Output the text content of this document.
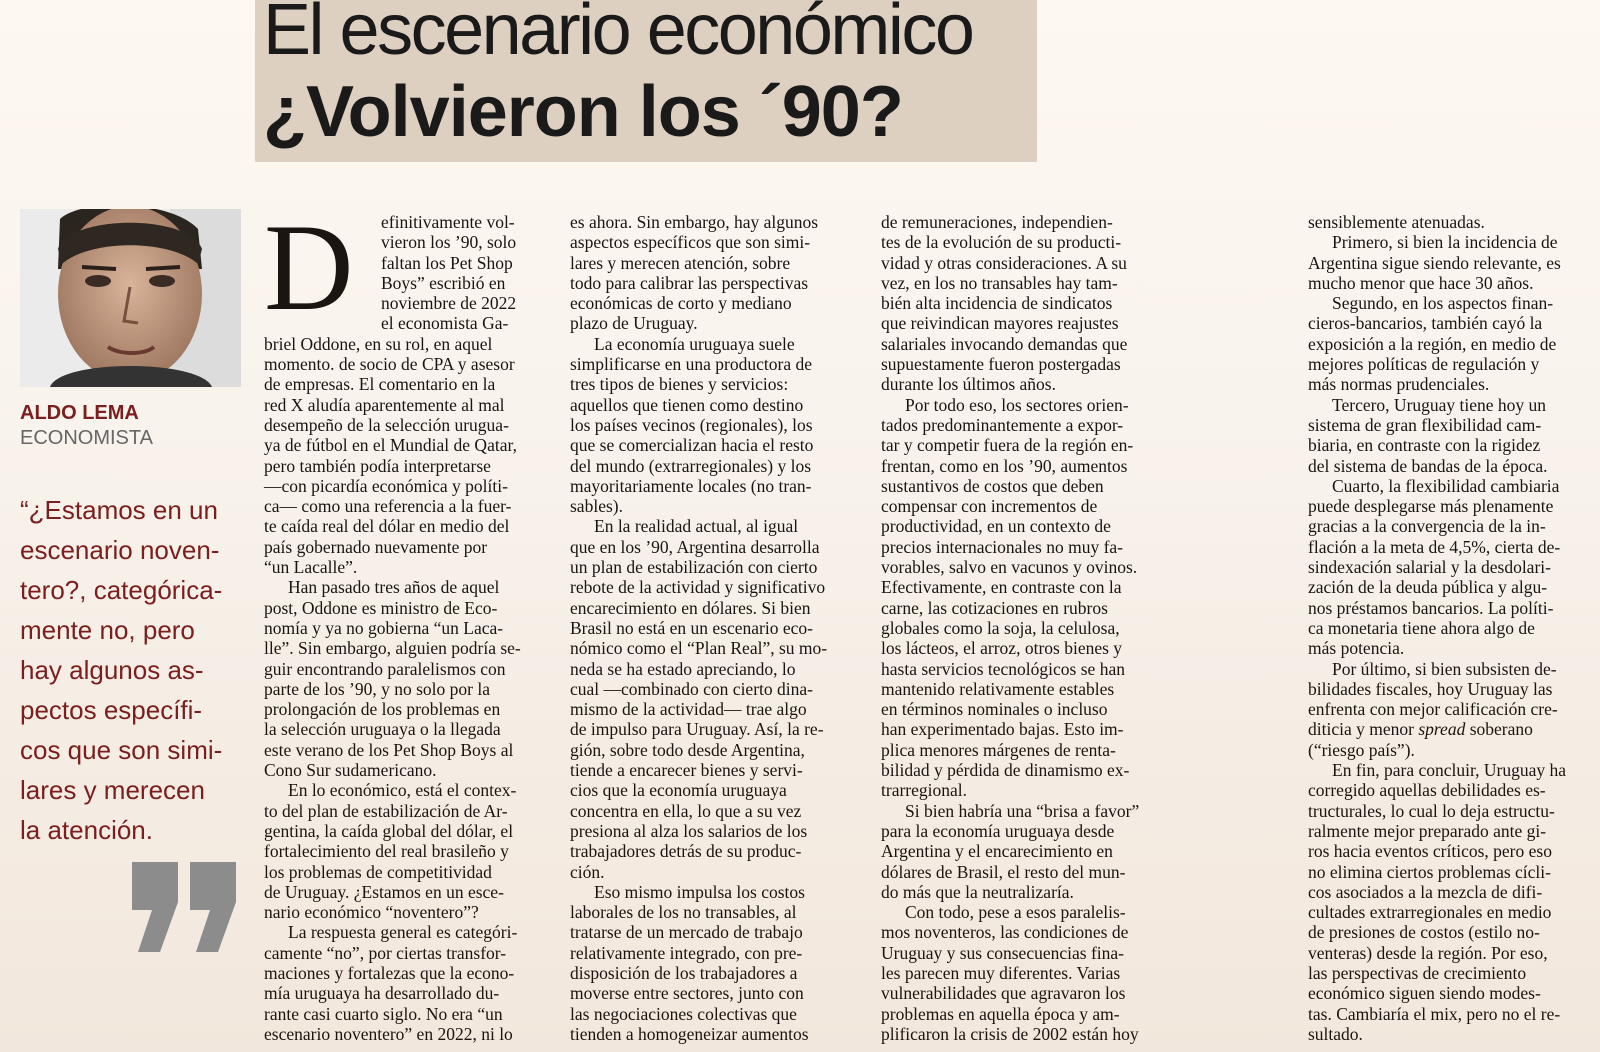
El escenario económico
¿Volvieron los ´90?
ALDO LEMA
ECONOMISTA
“¿Estamos en un
escenario noven-
tero?, categórica-
mente no, pero
hay algunos as-
pectos específi-
cos que son simi-
lares y merecen
la atención.
D efinitivamente vol-
vieron los ’90, solo
faltan los Pet Shop
Boys” escribió en
noviembre de 2022
el economista Ga-
briel Oddone, en su rol, en aquel
momento. de socio de CPA y asesor
de empresas. El comentario en la
red X aludía aparentemente al mal
desempeño de la selección urugua-
ya de fútbol en el Mundial de Qatar,
pero también podía interpretarse
—con picardía económica y políti-
ca— como una referencia a la fuer-
te caída real del dólar en medio del
país gobernado nuevamente por
“un Lacalle”.
Han pasado tres años de aquel
post, Oddone es ministro de Eco-
nomía y ya no gobierna “un Laca-
lle”. Sin embargo, alguien podría se-
guir encontrando paralelismos con
parte de los ’90, y no solo por la
prolongación de los problemas en
la selección uruguaya o la llegada
este verano de los Pet Shop Boys al
Cono Sur sudamericano.
En lo económico, está el contex-
to del plan de estabilización de Ar-
gentina, la caída global del dólar, el
fortalecimiento del real brasileño y
los problemas de competitividad
de Uruguay. ¿Estamos en un esce-
nario económico “noventero”?
La respuesta general es categóri-
camente “no”, por ciertas transfor-
maciones y fortalezas que la econo-
mía uruguaya ha desarrollado du-
rante casi cuarto siglo. No era “un
escenario noventero” en 2022, ni lo
es ahora. Sin embargo, hay algunos
aspectos específicos que son simi-
lares y merecen atención, sobre
todo para calibrar las perspectivas
económicas de corto y mediano
plazo de Uruguay.
La economía uruguaya suele
simplificarse en una productora de
tres tipos de bienes y servicios:
aquellos que tienen como destino
los países vecinos (regionales), los
que se comercializan hacia el resto
del mundo (extrarregionales) y los
mayoritariamente locales (no tran-
sables).
En la realidad actual, al igual
que en los ’90, Argentina desarrolla
un plan de estabilización con cierto
rebote de la actividad y significativo
encarecimiento en dólares. Si bien
Brasil no está en un escenario eco-
nómico como el “Plan Real”, su mo-
neda se ha estado apreciando, lo
cual —combinado con cierto dina-
mismo de la actividad— trae algo
de impulso para Uruguay. Así, la re-
gión, sobre todo desde Argentina,
tiende a encarecer bienes y servi-
cios que la economía uruguaya
concentra en ella, lo que a su vez
presiona al alza los salarios de los
trabajadores detrás de su produc-
ción.
Eso mismo impulsa los costos
laborales de los no transables, al
tratarse de un mercado de trabajo
relativamente integrado, con pre-
disposición de los trabajadores a
moverse entre sectores, junto con
las negociaciones colectivas que
tienden a homogeneizar aumentos
de remuneraciones, independien-
tes de la evolución de su producti-
vidad y otras consideraciones. A su
vez, en los no transables hay tam-
bién alta incidencia de sindicatos
que reivindican mayores reajustes
salariales invocando demandas que
supuestamente fueron postergadas
durante los últimos años.
Por todo eso, los sectores orien-
tados predominantemente a expor-
tar y competir fuera de la región en-
frentan, como en los ’90, aumentos
sustantivos de costos que deben
compensar con incrementos de
productividad, en un contexto de
precios internacionales no muy fa-
vorables, salvo en vacunos y ovinos.
Efectivamente, en contraste con la
carne, las cotizaciones en rubros
globales como la soja, la celulosa,
los lácteos, el arroz, otros bienes y
hasta servicios tecnológicos se han
mantenido relativamente estables
en términos nominales o incluso
han experimentado bajas. Esto im-
plica menores márgenes de renta-
bilidad y pérdida de dinamismo ex-
trarregional.
Si bien habría una “brisa a favor”
para la economía uruguaya desde
Argentina y el encarecimiento en
dólares de Brasil, el resto del mun-
do más que la neutralizaría.
Con todo, pese a esos paralelis-
mos noventeros, las condiciones de
Uruguay y sus consecuencias fina-
les parecen muy diferentes. Varias
vulnerabilidades que agravaron los
problemas en aquella época y am-
plificaron la crisis de 2002 están hoy
sensiblemente atenuadas.
Primero, si bien la incidencia de
Argentina sigue siendo relevante, es
mucho menor que hace 30 años.
Segundo, en los aspectos finan-
cieros-bancarios, también cayó la
exposición a la región, en medio de
mejores políticas de regulación y
más normas prudenciales.
Tercero, Uruguay tiene hoy un
sistema de gran flexibilidad cam-
biaria, en contraste con la rigidez
del sistema de bandas de la época.
Cuarto, la flexibilidad cambiaria
puede desplegarse más plenamente
gracias a la convergencia de la in-
flación a la meta de 4,5%, cierta de-
sindexación salarial y la desdolari-
zación de la deuda pública y algu-
nos préstamos bancarios. La políti-
ca monetaria tiene ahora algo de
más potencia.
Por último, si bien subsisten de-
bilidades fiscales, hoy Uruguay las
enfrenta con mejor calificación cre-
diticia y menor spread soberano
(“riesgo país”).
En fin, para concluir, Uruguay ha
corregido aquellas debilidades es-
tructurales, lo cual lo deja estructu-
ralmente mejor preparado ante gi-
ros hacia eventos críticos, pero eso
no elimina ciertos problemas cícli-
cos asociados a la mezcla de difi-
cultades extrarregionales en medio
de presiones de costos (estilo no-
venteras) desde la región. Por eso,
las perspectivas de crecimiento
económico siguen siendo modes-
tas. Cambiaría el mix, pero no el re-
sultado.
